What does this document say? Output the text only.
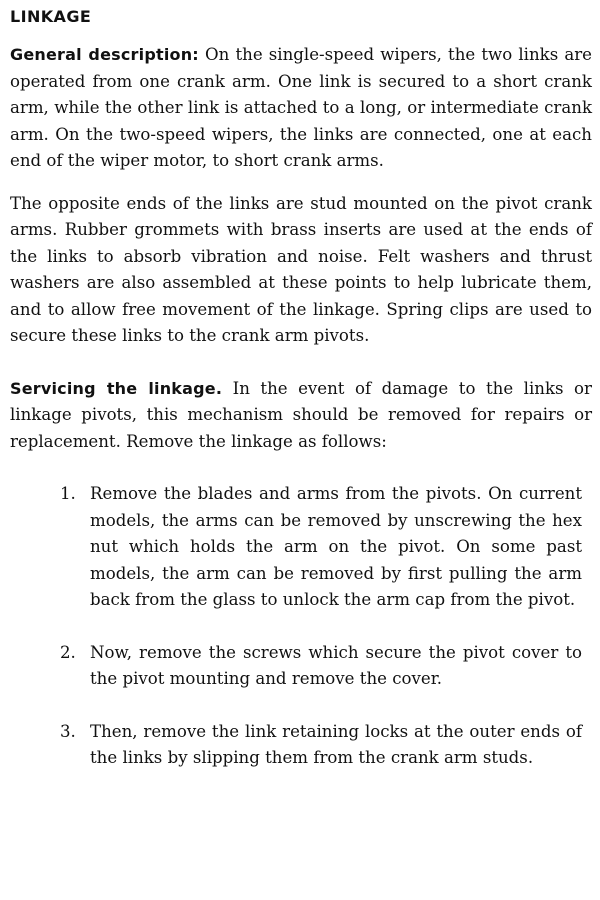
LINKAGE

General description: On the single-speed wipers, the two links are operated from one crank arm. One link is secured to a short crank arm, while the other link is attached to a long, or intermediate crank arm. On the two-speed wipers, the links are connected, one at each end of the wiper motor, to short crank arms.

The opposite ends of the links are stud mounted on the pivot crank arms. Rubber grommets with brass inserts are used at the ends of the links to absorb vibration and noise. Felt washers and thrust washers are also assembled at these points to help lubricate them, and to allow free movement of the linkage. Spring clips are used to secure these links to the crank arm pivots.

Servicing the linkage. In the event of damage to the links or linkage pivots, this mechanism should be removed for repairs or replacement. Remove the linkage as follows:

1. Remove the blades and arms from the pivots. On current models, the arms can be removed by unscrewing the hex nut which holds the arm on the pivot. On some past models, the arm can be removed by first pulling the arm back from the glass to unlock the arm cap from the pivot.
2. Now, remove the screws which secure the pivot cover to the pivot mounting and remove the cover.
3. Then, remove the link retaining locks at the outer ends of the links by slipping them from the crank arm studs.
